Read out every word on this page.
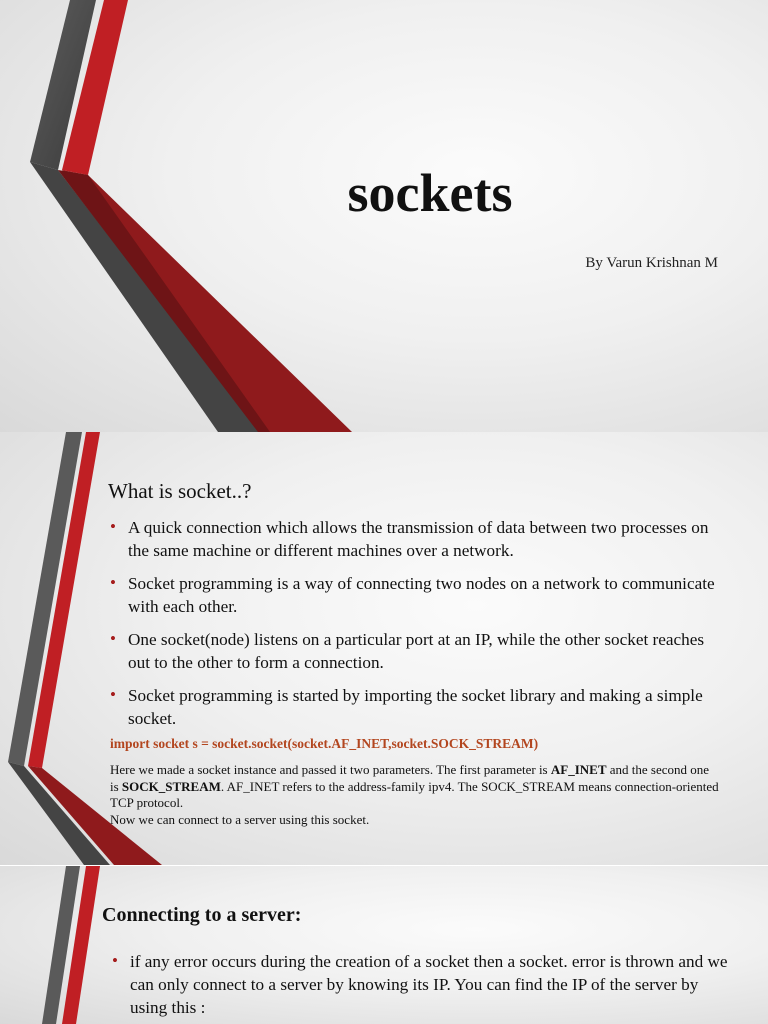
sockets
By Varun Krishnan M
What is socket..?
• A quick connection which allows the transmission of data between two processes on the same machine or different machines over a network.
• Socket programming is a way of connecting two nodes on a network to communicate with each other.
• One socket(node) listens on a particular port at an IP, while the other socket reaches out to the other to form a connection.
• Socket programming is started by importing the socket library and making a simple socket.
import socket s = socket.socket(socket.AF_INET,socket.SOCK_STREAM)
Here we made a socket instance and passed it two parameters. The first parameter is AF_INET and the second one is SOCK_STREAM. AF_INET refers to the address-family ipv4. The SOCK_STREAM means connection-oriented TCP protocol.
Now we can connect to a server using this socket.
Connecting to a server:
• if any error occurs during the creation of a socket then a socket. error is thrown and we can only connect to a server by knowing its IP. You can find the IP of the server by using this :
